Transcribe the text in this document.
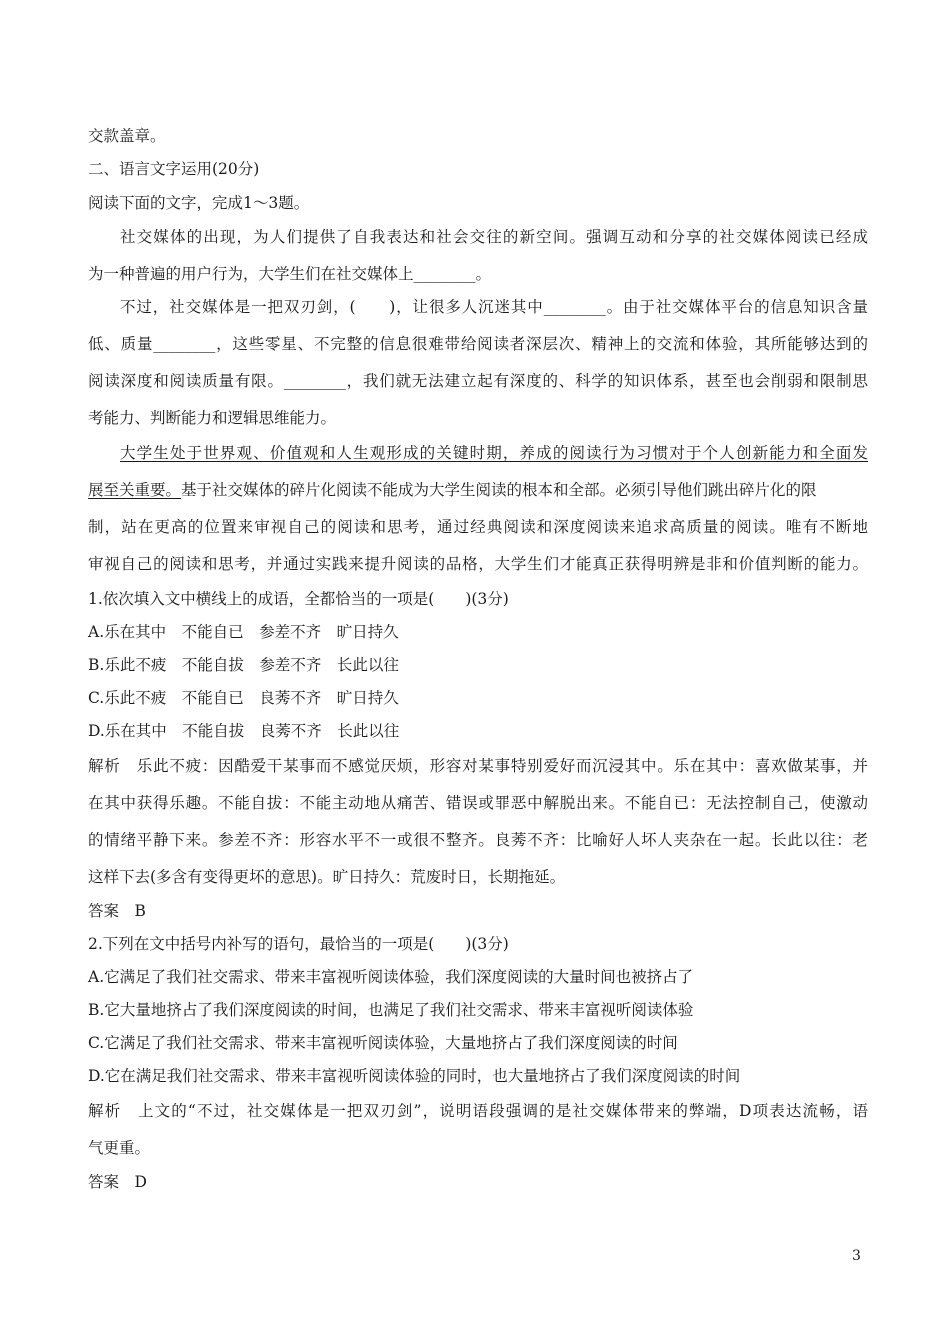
交款盖章。
二、语言文字运用(20分)
阅读下面的文字，完成1～3题。
社交媒体的出现，为人们提供了自我表达和社会交往的新空间。强调互动和分享的社交媒体阅读已经成
为一种普遍的用户行为，大学生们在社交媒体上________。
不过，社交媒体是一把双刃剑，(　　)，让很多人沉迷其中________。由于社交媒体平台的信息知识含量
低、质量________，这些零星、不完整的信息很难带给阅读者深层次、精神上的交流和体验，其所能够达到的
阅读深度和阅读质量有限。________，我们就无法建立起有深度的、科学的知识体系，甚至也会削弱和限制思
考能力、判断能力和逻辑思维能力。
大学生处于世界观、价值观和人生观形成的关键时期，养成的阅读行为习惯对于个人创新能力和全面发
展至关重要。基于社交媒体的碎片化阅读不能成为大学生阅读的根本和全部。必须引导他们跳出碎片化的限
制，站在更高的位置来审视自己的阅读和思考，通过经典阅读和深度阅读来追求高质量的阅读。唯有不断地
审视自己的阅读和思考，并通过实践来提升阅读的品格，大学生们才能真正获得明辨是非和价值判断的能力。
1.依次填入文中横线上的成语，全都恰当的一项是(　　)(3分)
A.乐在其中　不能自已　参差不齐　旷日持久
B.乐此不疲　不能自拔　参差不齐　长此以往
C.乐此不疲　不能自已　良莠不齐　旷日持久
D.乐在其中　不能自拔　良莠不齐　长此以往
解析　乐此不疲：因酷爱干某事而不感觉厌烦，形容对某事特别爱好而沉浸其中。乐在其中：喜欢做某事，并
在其中获得乐趣。不能自拔：不能主动地从痛苦、错误或罪恶中解脱出来。不能自已：无法控制自己，使激动
的情绪平静下来。参差不齐：形容水平不一或很不整齐。良莠不齐：比喻好人坏人夹杂在一起。长此以往：老
这样下去(多含有变得更坏的意思)。旷日持久：荒废时日，长期拖延。
答案　B
2.下列在文中括号内补写的语句，最恰当的一项是(　　)(3分)
A.它满足了我们社交需求、带来丰富视听阅读体验，我们深度阅读的大量时间也被挤占了
B.它大量地挤占了我们深度阅读的时间，也满足了我们社交需求、带来丰富视听阅读体验
C.它满足了我们社交需求、带来丰富视听阅读体验，大量地挤占了我们深度阅读的时间
D.它在满足我们社交需求、带来丰富视听阅读体验的同时，也大量地挤占了我们深度阅读的时间
解析　上文的“不过，社交媒体是一把双刃剑”，说明语段强调的是社交媒体带来的弊端，D项表达流畅，语
气更重。
答案　D
3
